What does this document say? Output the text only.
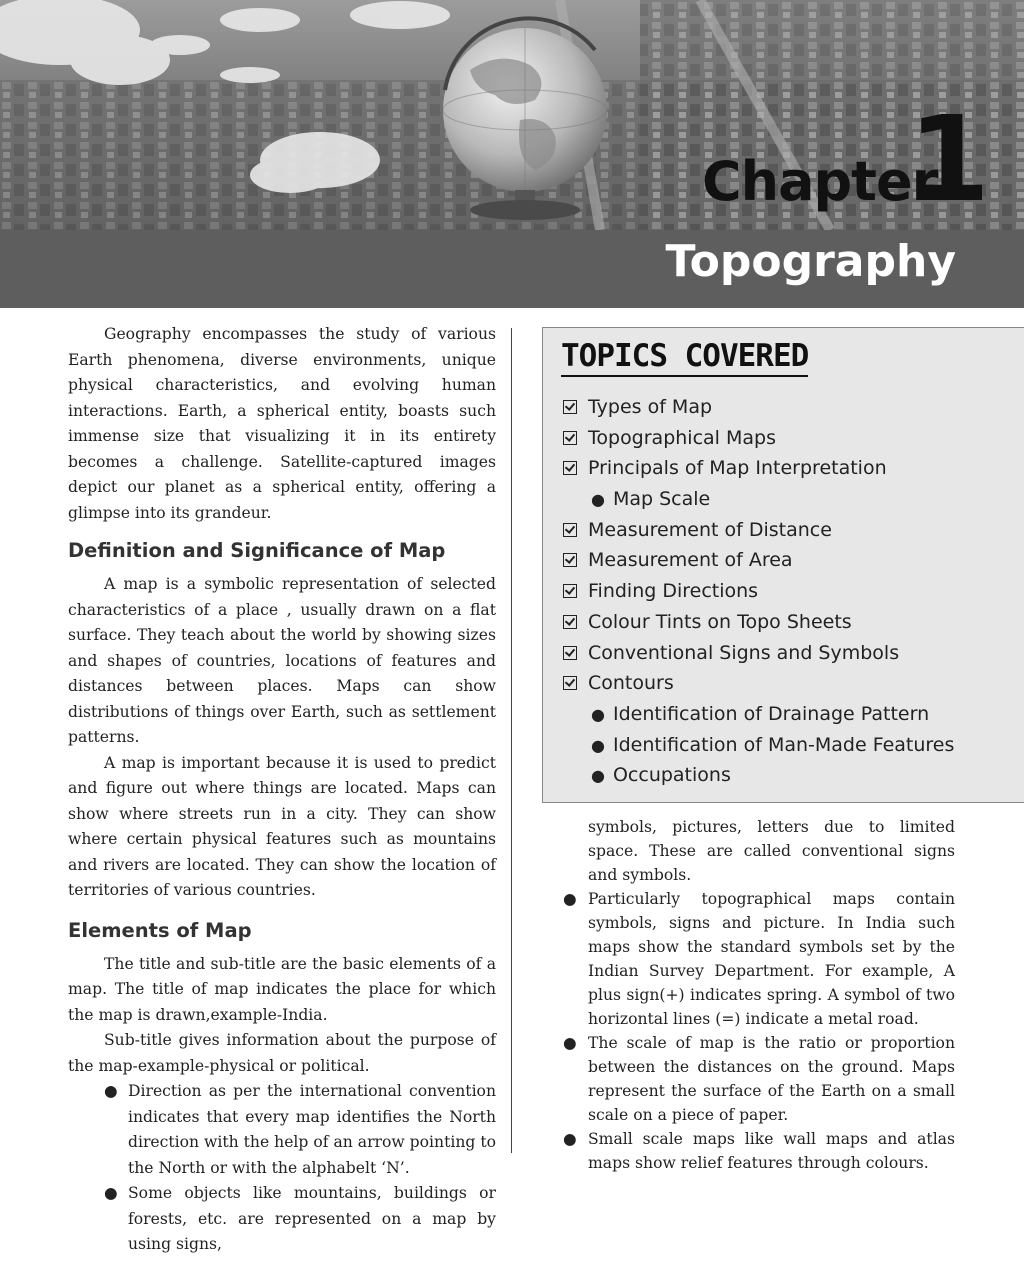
Chapter
1
Topography

Geography encompasses the study of various Earth phenomena, diverse environments, unique physical characteristics, and evolving human interactions. Earth, a spherical entity, boasts such immense size that visualizing it in its entirety becomes a challenge. Satellite-captured images depict our planet as a spherical entity, offering a glimpse into its grandeur.

Definition and Significance of Map

A map is a symbolic representation of selected characteristics of a place , usually drawn on a flat surface. They teach about the world by showing sizes and shapes of countries, locations of features and distances between places. Maps can show distributions of things over Earth, such as settlement patterns.

A map is important because it is used to predict and figure out where things are located. Maps can show where streets run in a city. They can show where certain physical features such as mountains and rivers are located. They can show the location of territories of various countries.

Elements of Map

The title and sub-title are the basic elements of a map. The title of map indicates the place for which the map is drawn,example-India.

Sub-title gives information about the purpose of the map-example-physical or political.

● Direction as per the international convention indicates that every map identifies the North direction with the help of an arrow pointing to the North or with the alphabelt ‘N’.
● Some objects like mountains, buildings or forests, etc. are represented on a map by using signs,
TOPICS COVERED
Types of Map
Topographical Maps
Principals of Map Interpretation
● Map Scale
Measurement of Distance
Measurement of Area
Finding Directions
Colour Tints on Topo Sheets
Conventional Signs and Symbols
Contours
● Identification of Drainage Pattern
● Identification of Man-Made Features
● Occupations

symbols, pictures, letters due to limited space. These are called conventional signs and symbols.

● Particularly topographical maps contain symbols, signs and picture. In India such maps show the standard symbols set by the Indian Survey Department. For example, A plus sign(+) indicates spring. A symbol of two horizontal lines (=) indicate a metal road.
● The scale of map is the ratio or proportion between the distances on the ground. Maps represent the surface of the Earth on a small scale on a piece of paper.
● Small scale maps like wall maps and atlas maps show relief features through colours.
